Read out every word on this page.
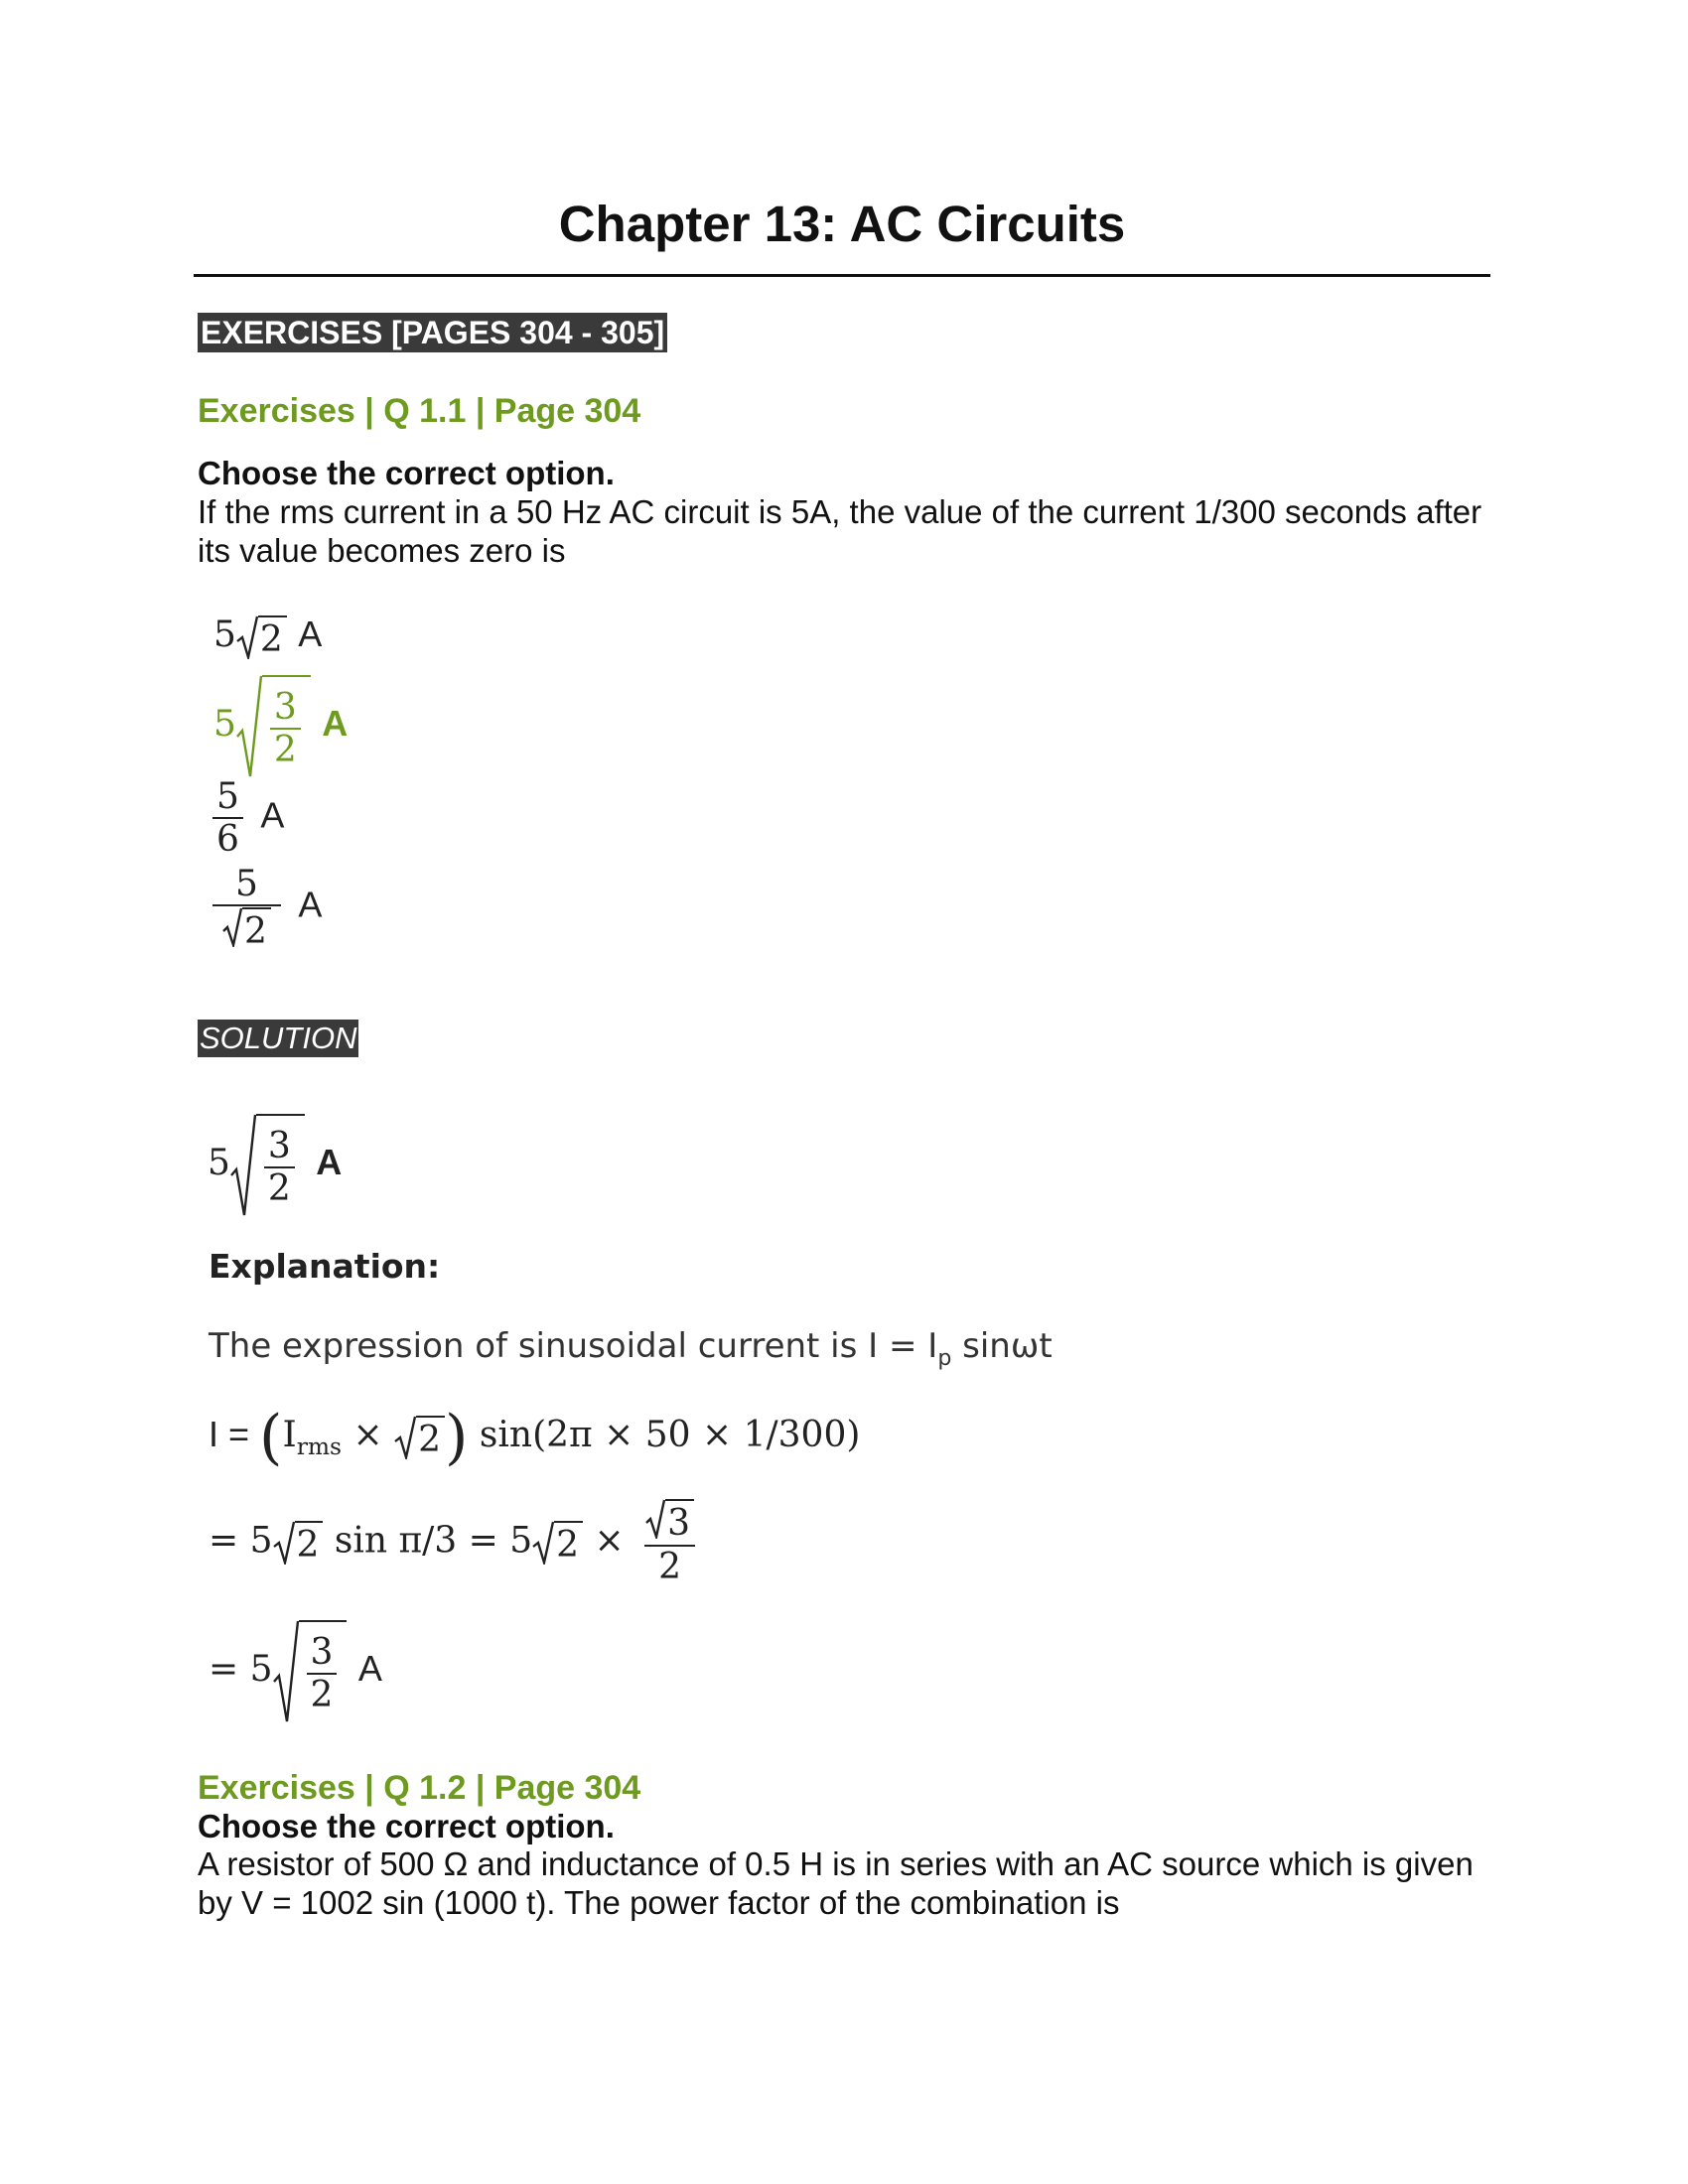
Chapter 13: AC Circuits
EXERCISES [PAGES 304 - 305]
Exercises | Q 1.1 | Page 304
Choose the correct option.
If the rms current in a 50 Hz AC circuit is 5A, the value of the current 1/300 seconds after its value becomes zero is
5 2 A
$5 \frac{3}{2}$ A
$\frac{5}{6}$ A
$\frac{5}{2}$ A
SOLUTION
$5 \frac{3}{2}$ A
Explanation:
The expression of sinusoidal current is $I = I_p$ sinωt
$I = (I_{rms} \times 2$ ) sin(2π × 50 × 1/300)
= 5 2 sin π/3 = 5 $2 \times \frac{3}{2}$
= $5 \frac{3}{2}$ A
Exercises | Q 1.2 | Page 304
Choose the correct option.
A resistor of 500 Ω and inductance of 0.5 H is in series with an AC source which is given by V = 1002 sin (1000 t). The power factor of the combination is
